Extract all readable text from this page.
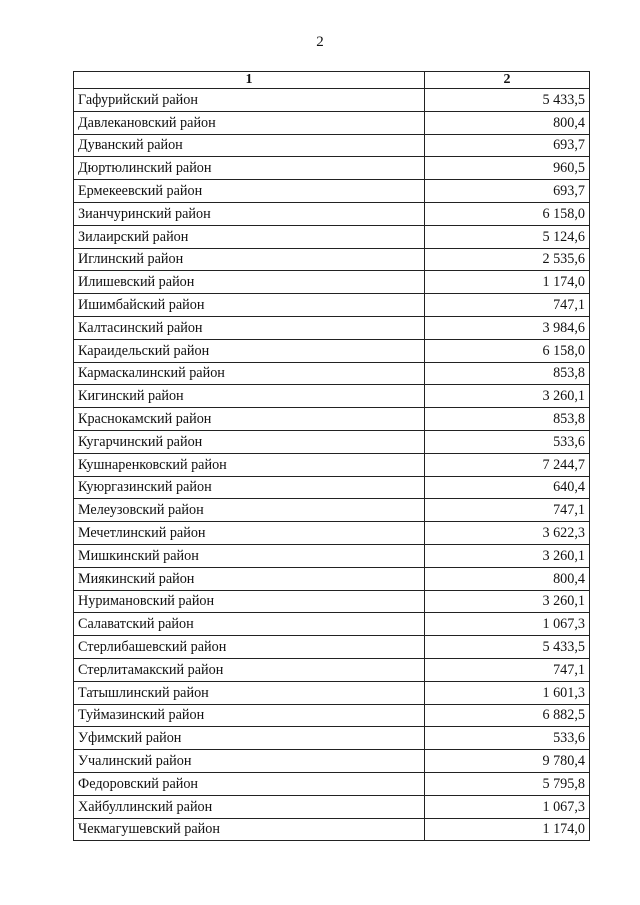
2
1	2
Гафурийский район	5 433,5
Давлекановский район	800,4
Дуванский район	693,7
Дюртюлинский район	960,5
Ермекеевский район	693,7
Зианчуринский район	6 158,0
Зилаирский район	5 124,6
Иглинский район	2 535,6
Илишевский район	1 174,0
Ишимбайский район	747,1
Калтасинский район	3 984,6
Караидельский район	6 158,0
Кармаскалинский район	853,8
Кигинский район	3 260,1
Краснокамский район	853,8
Кугарчинский район	533,6
Кушнаренковский район	7 244,7
Куюргазинский район	640,4
Мелеузовский район	747,1
Мечетлинский район	3 622,3
Мишкинский район	3 260,1
Миякинский район	800,4
Нуримановский район	3 260,1
Салаватский район	1 067,3
Стерлибашевский район	5 433,5
Стерлитамакский район	747,1
Татышлинский район	1 601,3
Туймазинский район	6 882,5
Уфимский район	533,6
Учалинский район	9 780,4
Федоровский район	5 795,8
Хайбуллинский район	1 067,3
Чекмагушевский район	1 174,0
